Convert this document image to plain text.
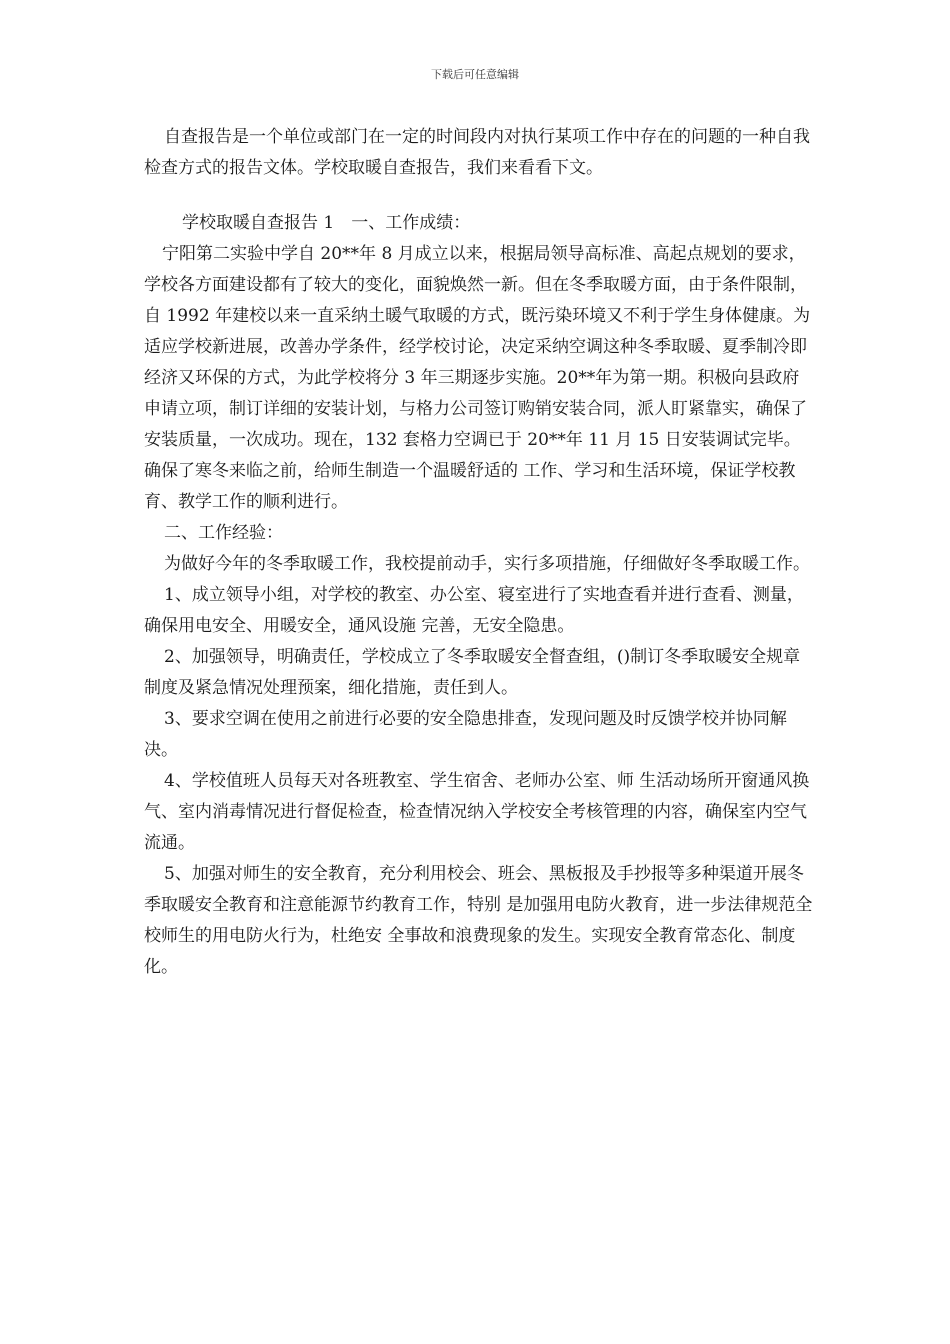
下载后可任意编辑

自查报告是一个单位或部门在一定的时间段内对执行某项工作中存在的问题的一种自我检查方式的报告文体。学校取暖自查报告，我们来看看下文。

学校取暖自查报告 1　一、工作成绩：

宁阳第二实验中学自 20**年 8 月成立以来，根据局领导高标准、高起点规划的要求，学校各方面建设都有了较大的变化，面貌焕然一新。但在冬季取暖方面，由于条件限制，自 1992 年建校以来一直采纳土暖气取暖的方式，既污染环境又不利于学生身体健康。为适应学校新进展，改善办学条件，经学校讨论，决定采纳空调这种冬季取暖、夏季制冷即经济又环保的方式，为此学校将分 3 年三期逐步实施。20**年为第一期。积极向县政府申请立项，制订详细的安装计划，与格力公司签订购销安装合同，派人盯紧靠实，确保了安装质量，一次成功。现在，132 套格力空调已于 20**年 11 月 15 日安装调试完毕。确保了寒冬来临之前，给师生制造一个温暖舒适的 工作、学习和生活环境，保证学校教育、教学工作的顺利进行。

二、工作经验：

为做好今年的冬季取暖工作，我校提前动手，实行多项措施，仔细做好冬季取暖工作。

1、成立领导小组，对学校的教室、办公室、寝室进行了实地查看并进行查看、测量，确保用电安全、用暖安全，通风设施 完善，无安全隐患。

2、加强领导，明确责任，学校成立了冬季取暖安全督查组，()制订冬季取暖安全规章制度及紧急情况处理预案，细化措施，责任到人。

3、要求空调在使用之前进行必要的安全隐患排查，发现问题及时反馈学校并协同解决。

4、学校值班人员每天对各班教室、学生宿舍、老师办公室、师 生活动场所开窗通风换气、室内消毒情况进行督促检查，检查情况纳入学校安全考核管理的内容，确保室内空气流通。

5、加强对师生的安全教育，充分利用校会、班会、黑板报及手抄报等多种渠道开展冬季取暖安全教育和注意能源节约教育工作，特别 是加强用电防火教育，进一步法律规范全校师生的用电防火行为，杜绝安 全事故和浪费现象的发生。实现安全教育常态化、制度化。
